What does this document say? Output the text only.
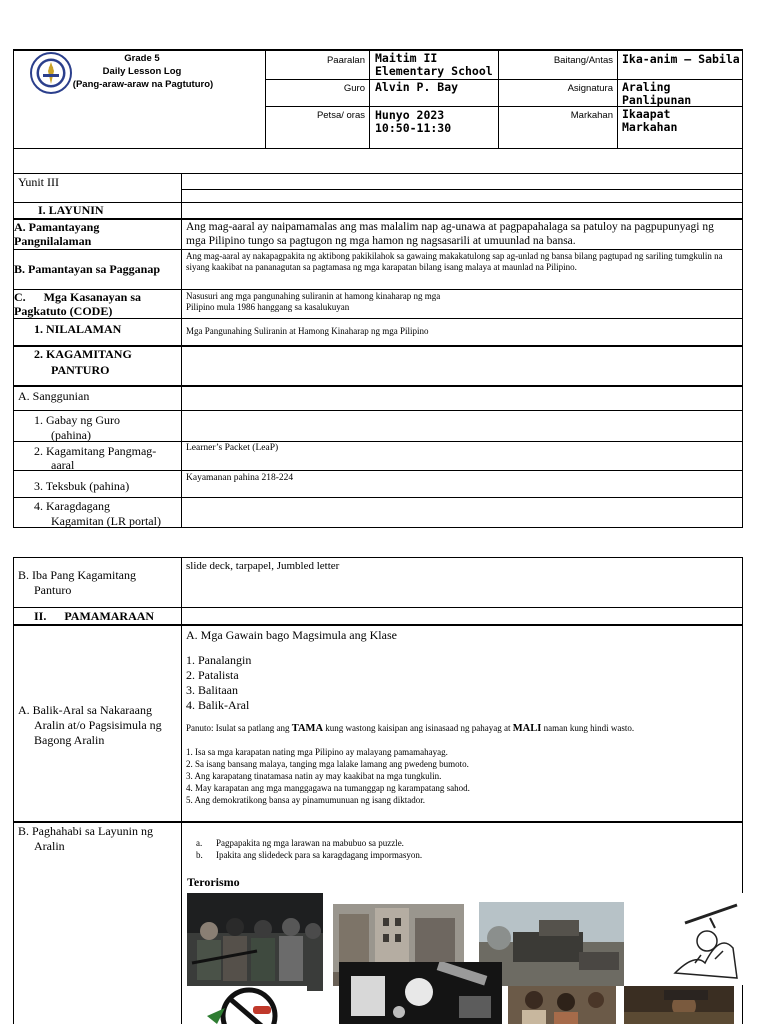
Grade 5
Daily Lesson Log
(Pang-araw-araw na Pagtuturo)
Paaralan Maitim II Elementary School
Guro Alvin P. Bay
Petsa/ oras Hunyo 2023
10:50-11:30
Baitang/Antas Ika-anim – Sabila
Asignatura Araling Panlipunan
Markahan Ikaapat Markahan
Yunit III
I. LAYUNIN
A. Pamantayang Pangnilalaman
Ang mag-aaral ay naipamamalas ang mas malalim nap ag-unawa at pagpapahalaga sa patuloy na pagpupunyagi ng mga Pilipino tungo sa pagtugon ng mga hamon ng nagsasarili at umuunlad na bansa.
B. Pamantayan sa Pagganap
Ang mag-aaral ay nakapagpakita ng aktibong pakikilahok sa gawaing makakatulong sap ag-unlad ng bansa bilang pagtupad ng sariling tumgkulin na siyang kaakibat na pananagutan sa pagtamasa ng mga karapatan bilang isang malaya at maunlad na Pilipino.
C.      Mga Kasanayan sa
Pagkatuto (CODE)
Nasusuri ang mga pangunahing suliranin at hamong kinaharap ng mga
Pilipino mula 1986 hanggang sa kasalukuyan
1. NILALAMAN	Mga Pangunahing Suliranin at Hamong Kinaharap ng mga Pilipino
2. KAGAMITANG
PANTURO
A. Sanggunian
1. Gabay ng Guro
(pahina)
2. Kagamitang Pangmag-
aaral
Learner’s Packet (LeaP)
3. Teksbuk (pahina)
Kayamanan pahina 218-224
4. Karagdagang
Kagamitan (LR portal)
B. Iba Pang Kagamitang
Panturo
slide deck, tarpapel, Jumbled letter
II.      PAMAMARAAN
A. Balik-Aral sa Nakaraang
Aralin at/o Pagsisimula ng
Bagong Aralin
A. Mga Gawain bago Magsimula ang Klase
1. Panalangin
2. Patalista
3. Balitaan
4. Balik-Aral
Panuto: Isulat sa patlang ang TAMA kung wastong kaisipan ang isinasaad ng pahayag at MALI naman kung hindi wasto.
1. Isa sa mga karapatan nating mga Pilipino ay malayang pamamahayag.
2. Sa isang bansang malaya, tanging mga lalake lamang ang pwedeng bumoto.
3. Ang karapatang tinatamasa natin ay may kaakibat na mga tungkulin.
4. May karapatan ang mga manggagawa na tumanggap ng karampatang sahod.
5. Ang demokratikong bansa ay pinamumunuan ng isang diktador.
B. Paghahabi sa Layunin ng
Aralin	a. Pagpapakita ng mga larawan na mabubuo sa puzzle.
b. Ipakita ang slidedeck para sa karagdagang impormasyon.
Terorismo
